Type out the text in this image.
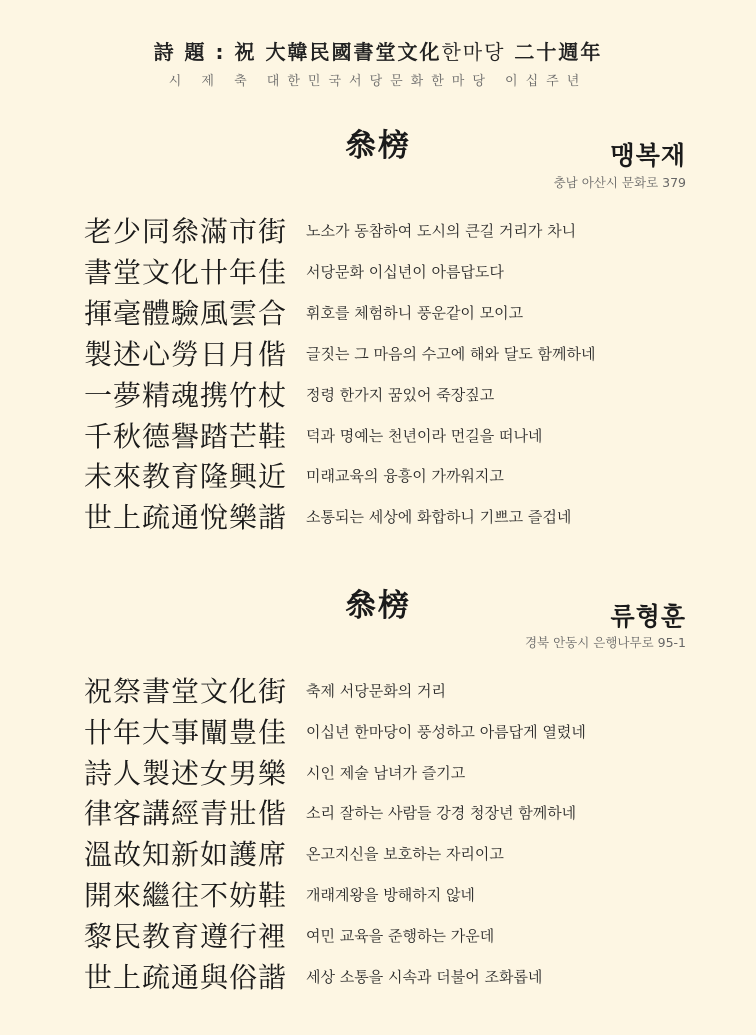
詩 題 : 祝 大韓民國書堂文化한마당 二十週年
시 제 축 대한민국서당문화한마당 이십주년
叅榜	맹복재
충남 아산시 문화로 379
老少同叅滿市街	노소가 동참하여 도시의 큰길 거리가 차니
書堂文化卄年佳	서당문화 이십년이 아름답도다
揮毫體驗風雲合	휘호를 체험하니 풍운같이 모이고
製述心勞日月偕	글짓는 그 마음의 수고에 해와 달도 함께하네
一夢精魂携竹杖	정령 한가지 꿈있어 죽장짚고
千秋德譽踏芒鞋	덕과 명예는 천년이라 먼길을 떠나네
未來教育隆興近	미래교육의 융흥이 가까워지고
世上疏通悅樂諧	소통되는 세상에 화합하니 기쁘고 즐겁네
叅榜	류형훈
경북 안동시 은행나무로 95-1
祝祭書堂文化街	축제 서당문화의 거리
卄年大事闡豊佳	이십년 한마당이 풍성하고 아름답게 열렸네
詩人製述女男樂	시인 제술 남녀가 즐기고
律客講經青壯偕	소리 잘하는 사람들 강경 청장년 함께하네
溫故知新如護席	온고지신을 보호하는 자리이고
開來繼往不妨鞋	개래계왕을 방해하지 않네
黎民教育遵行裡	여민 교육을 준행하는 가운데
世上疏通與俗諧	세상 소통을 시속과 더불어 조화롭네
